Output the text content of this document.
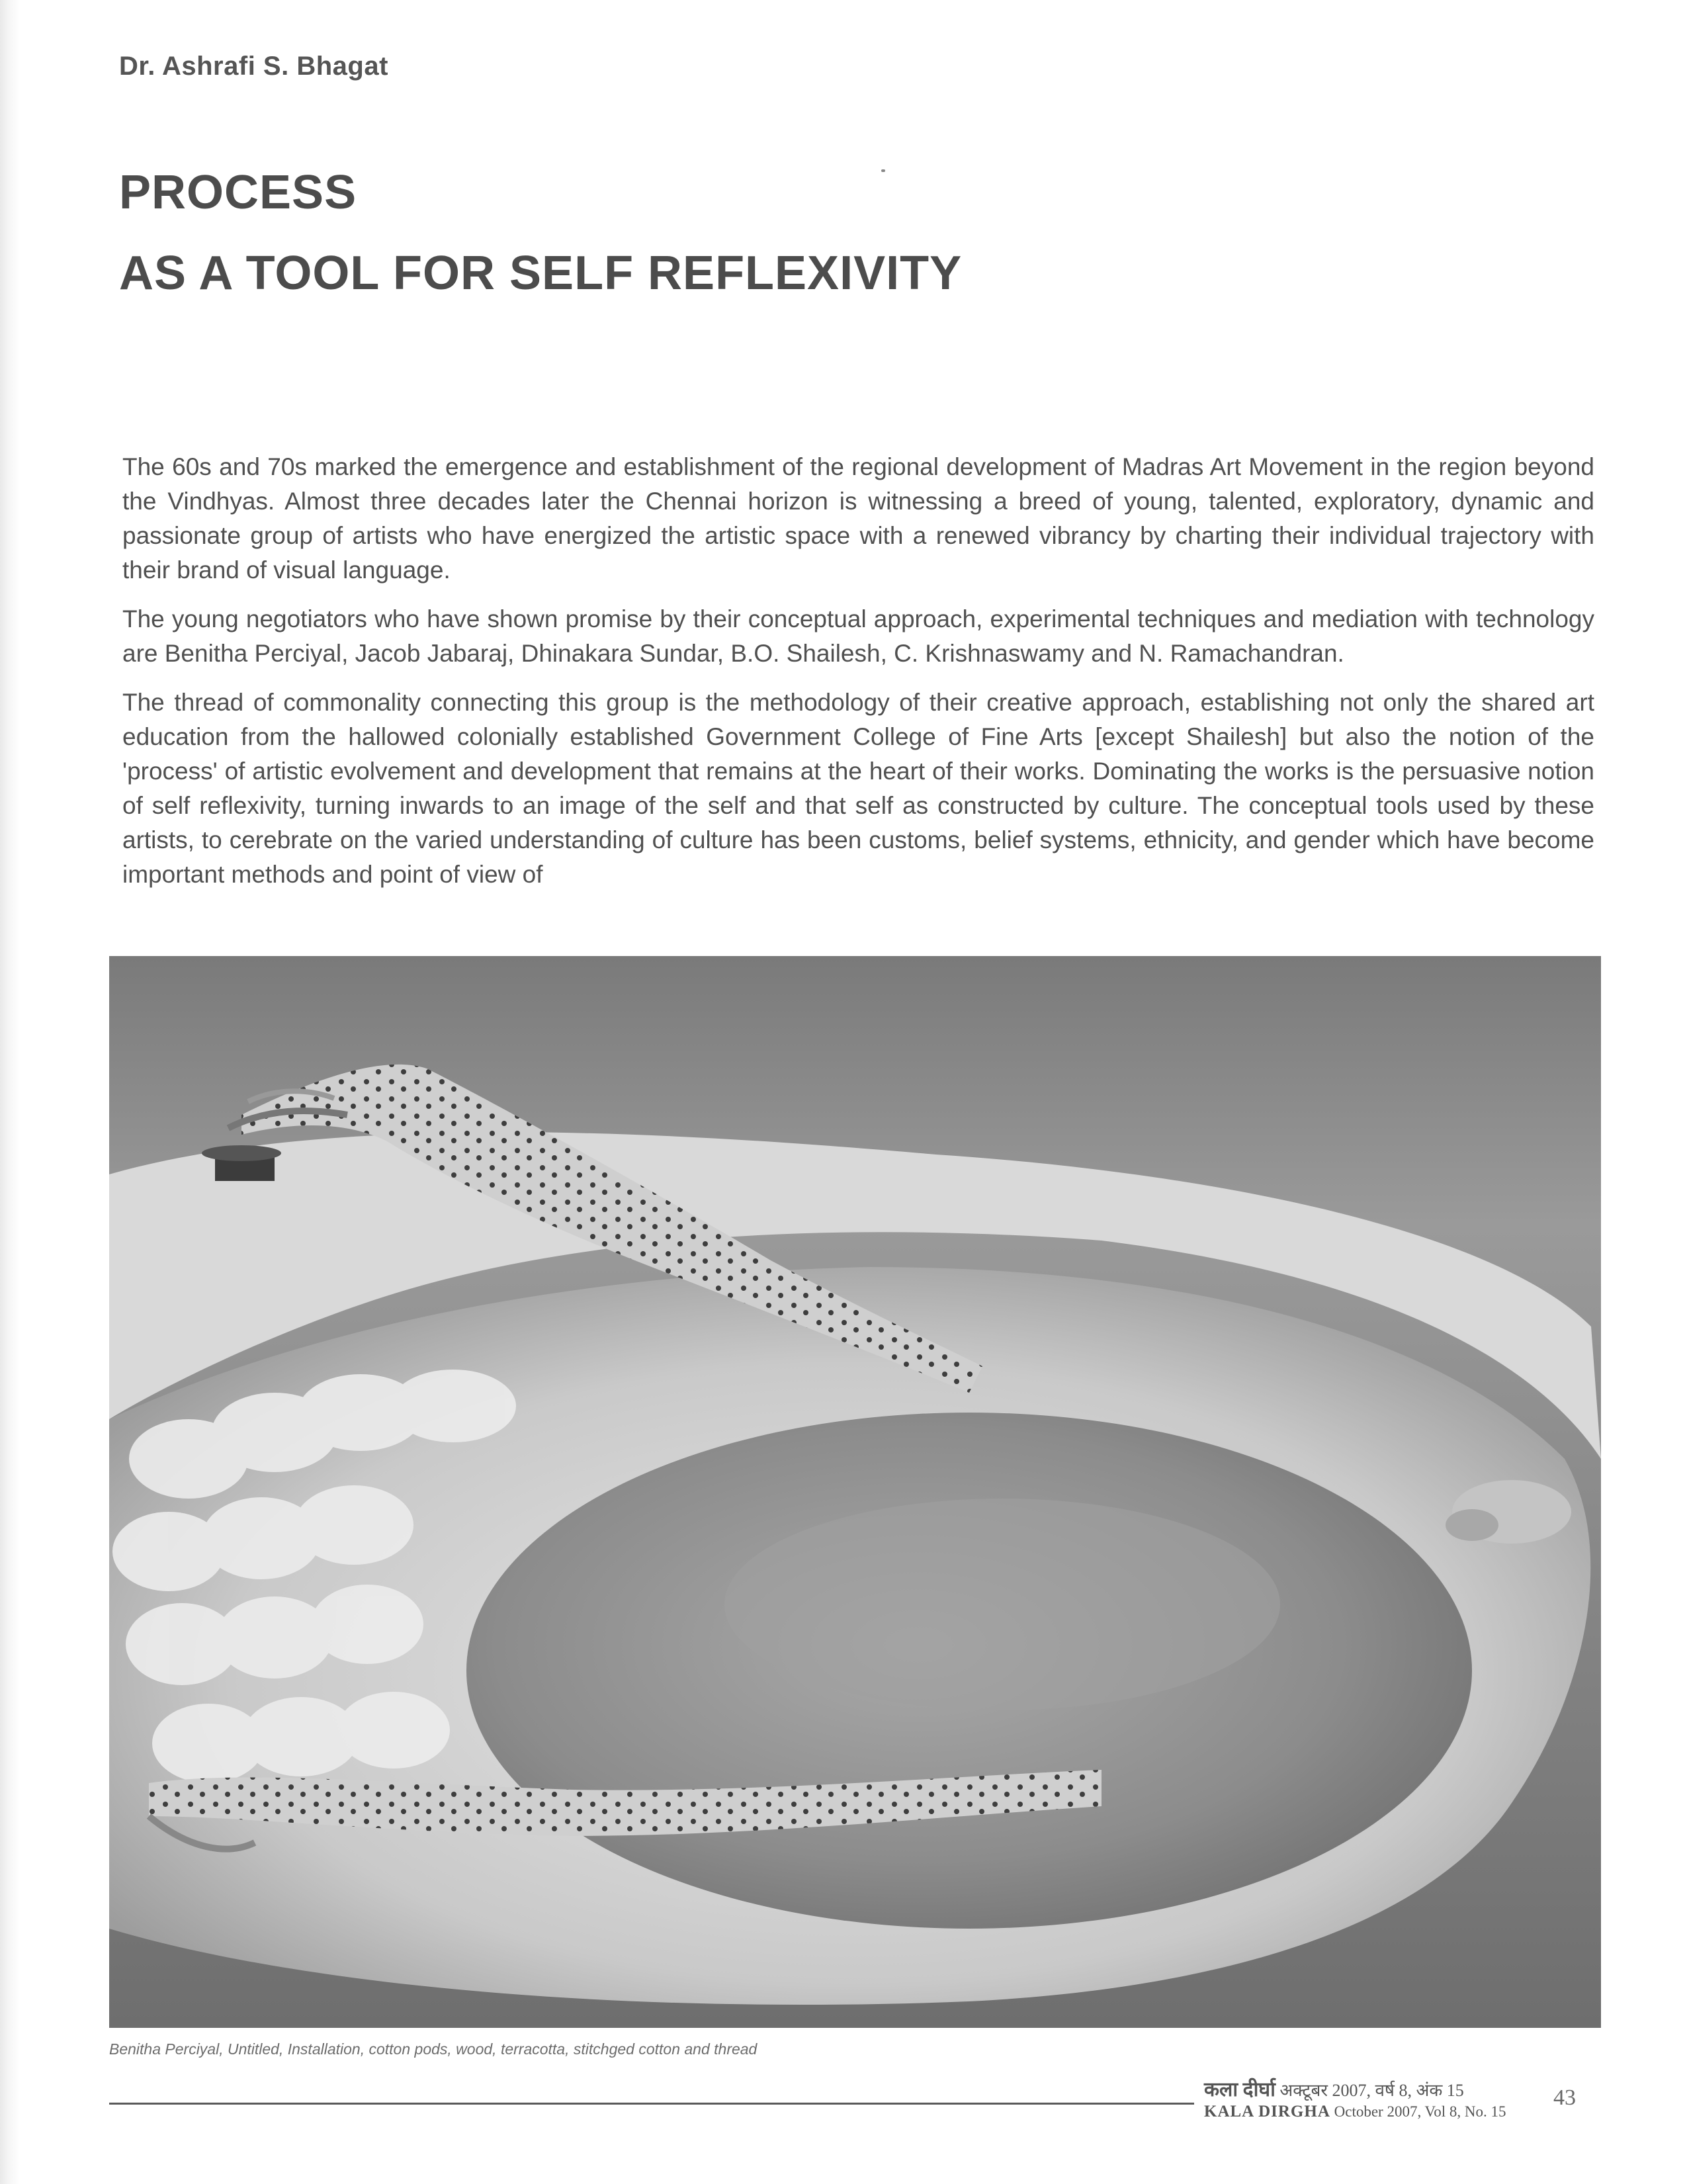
Dr. Ashrafi S. Bhagat
PROCESS
AS A TOOL FOR SELF REFLEXIVITY

The 60s and 70s marked the emergence and establishment of the regional development of Madras Art Movement in the region beyond the Vindhyas. Almost three decades later the Chennai horizon is witnessing a breed of young, talented, exploratory, dynamic and passionate group of artists who have energized the artistic space with a renewed vibrancy by charting their individual trajectory with their brand of visual language.

The young negotiators who have shown promise by their conceptual approach, experimental techniques and mediation with technology are Benitha Perciyal, Jacob Jabaraj, Dhinakara Sundar, B.O. Shailesh, C. Krishnaswamy and N. Ramachandran.

The thread of commonality connecting this group is the methodology of their creative approach, establishing not only the shared art education from the hallowed colonially established Government College of Fine Arts [except Shailesh] but also the notion of the 'process' of artistic evolvement and development that remains at the heart of their works. Dominating the works is the persuasive notion of self reflexivity, turning inwards to an image of the self and that self as constructed by culture. The conceptual tools used by these artists, to cerebrate on the varied understanding of culture has been customs, belief systems, ethnicity, and gender which have become important methods and point of view of

Benitha Perciyal, Untitled, Installation, cotton pods, wood, terracotta, stitchged cotton and thread
कला दीर्घा अक्टूबर 2007, वर्ष 8, अंक 15
KALA DIRGHA October 2007, Vol 8, No. 15
43
